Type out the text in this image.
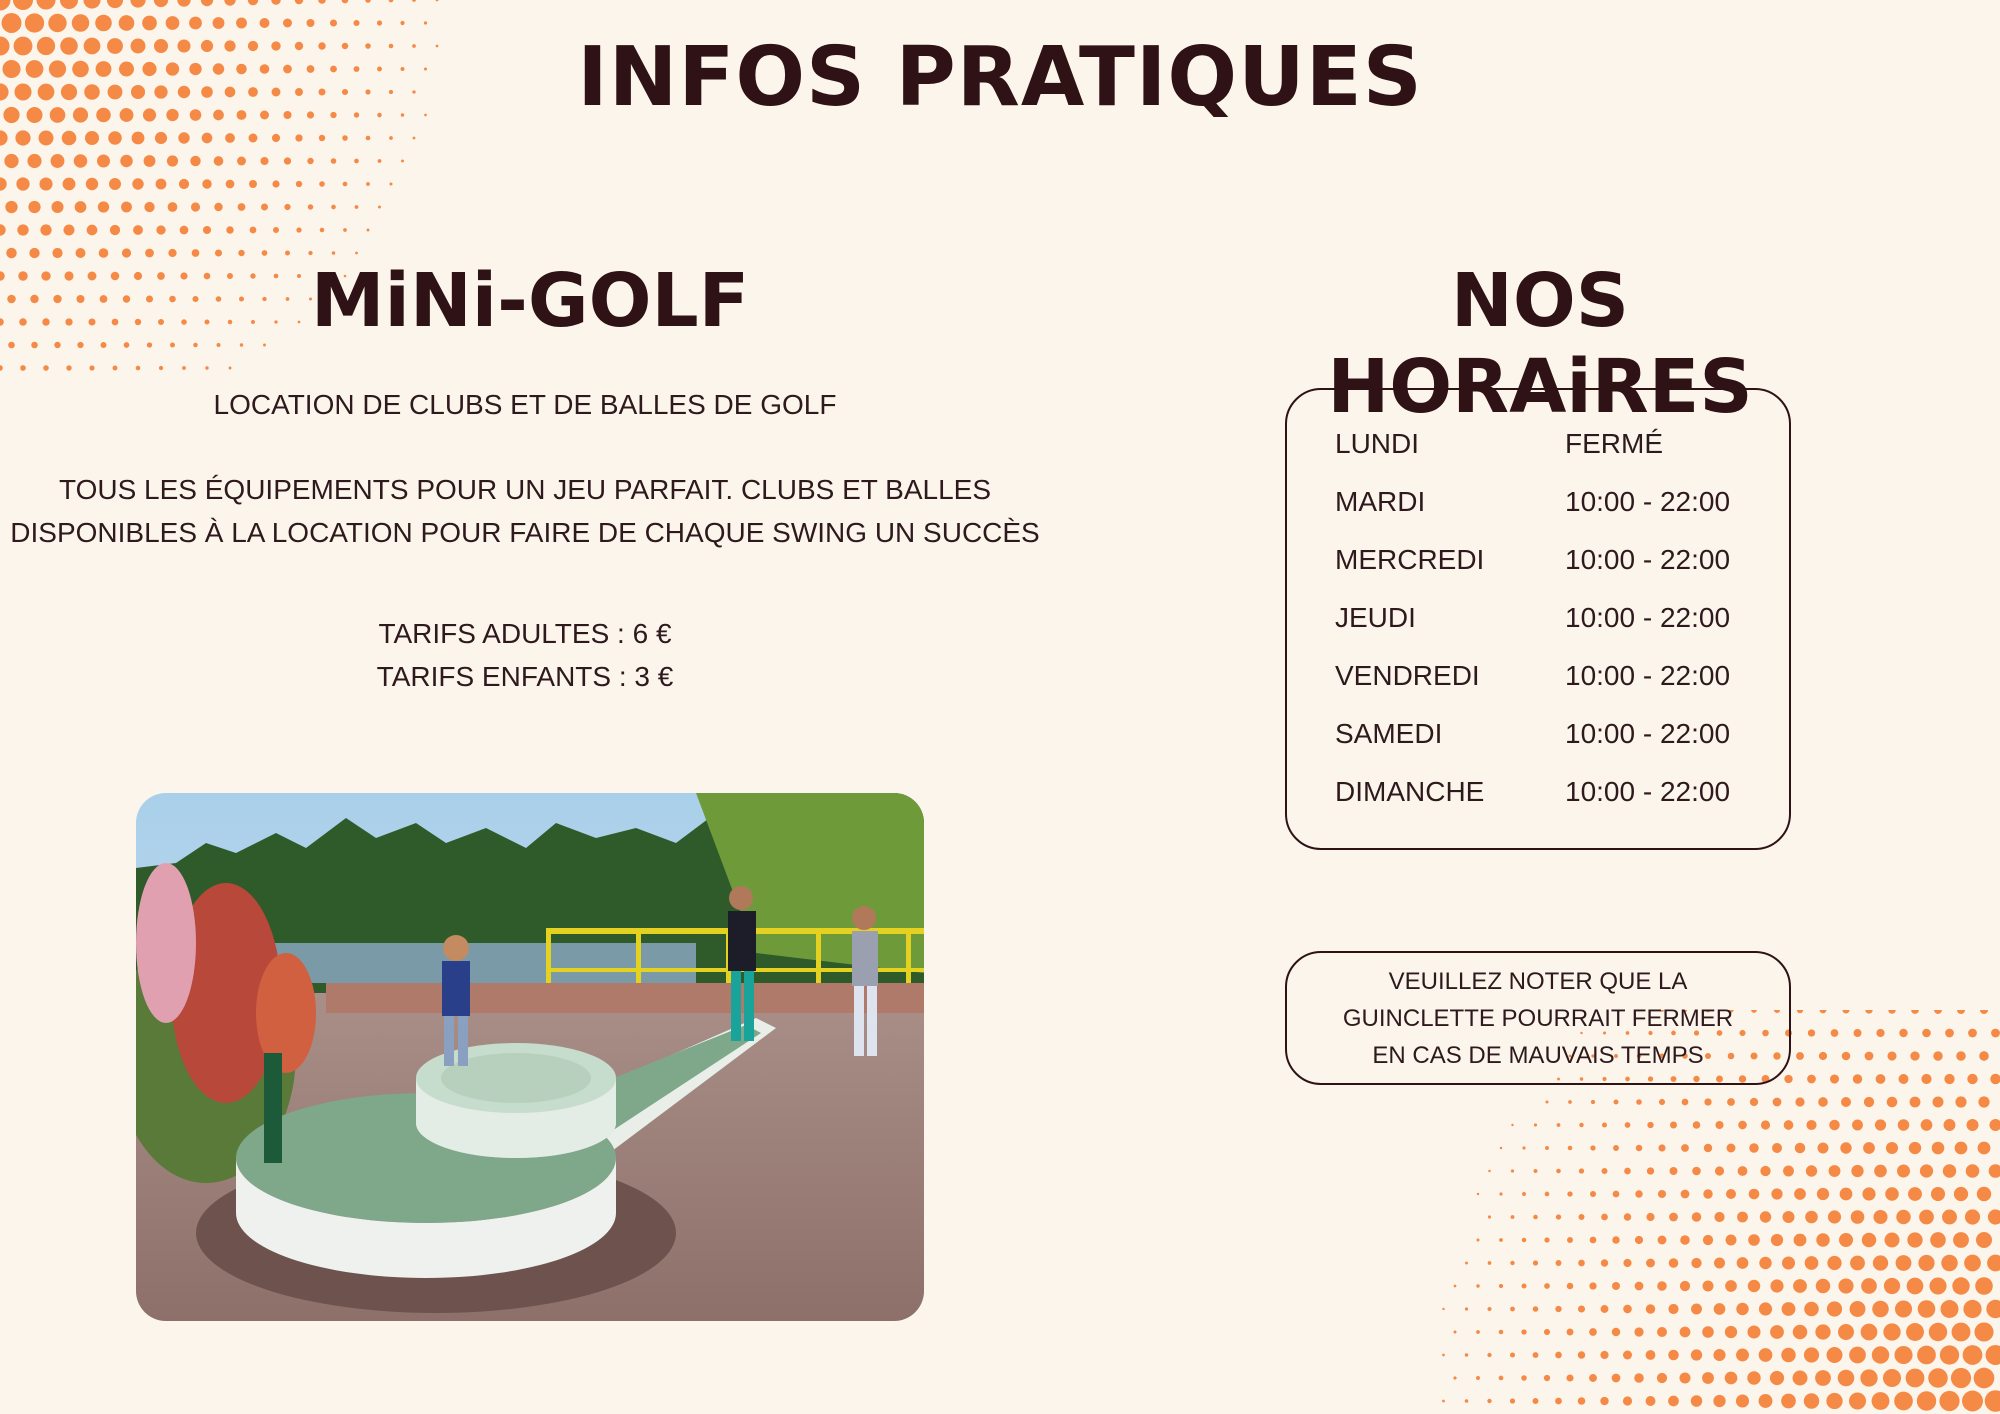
INFOS PRATIQUES
MiNi-GOLF

LOCATION DE CLUBS ET DE BALLES DE GOLF

TOUS LES ÉQUIPEMENTS POUR UN JEU PARFAIT. CLUBS ET BALLES

DISPONIBLES À LA LOCATION POUR FAIRE DE CHAQUE SWING UN SUCCÈS

TARIFS ADULTES : 6 €

TARIFS ENFANTS : 3 €

NOS HORAiRES
LUNDI	FERMÉ
MARDI	10:00 - 22:00
MERCREDI	10:00 - 22:00
JEUDI	10:00 - 22:00
VENDREDI	10:00 - 22:00
SAMEDI	10:00 - 22:00
DIMANCHE	10:00 - 22:00
VEUILLEZ NOTER QUE LA
GUINCLETTE POURRAIT FERMER
EN CAS DE MAUVAIS TEMPS
